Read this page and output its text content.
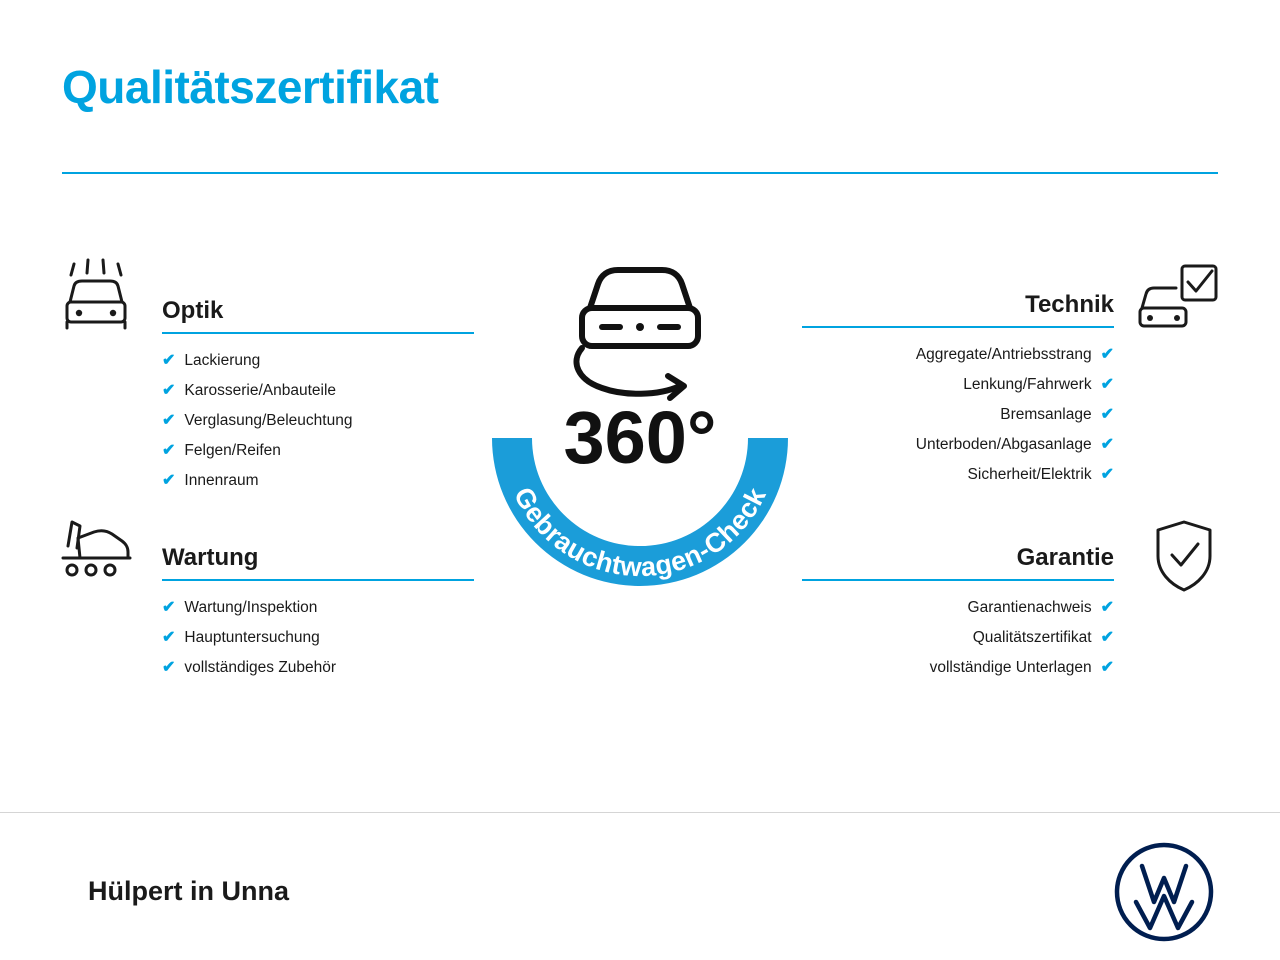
Qualitätszertifikat
Optik
✔ Lackierung
✔ Karosserie/Anbauteile
✔ Verglasung/Beleuchtung
✔ Felgen/Reifen
✔ Innenraum
Wartung
✔ Wartung/Inspektion
✔ Hauptuntersuchung
✔ vollständiges Zubehör
Technik
Aggregate/Antriebsstrang ✔
Lenkung/Fahrwerk ✔
Bremsanlage ✔
Unterboden/Abgasanlage ✔
Sicherheit/Elektrik ✔
Garantie
Garantienachweis ✔
Qualitätszertifikat ✔
vollständige Unterlagen ✔
360°
Gebrauchtwagen-Check
Hülpert in Unna
